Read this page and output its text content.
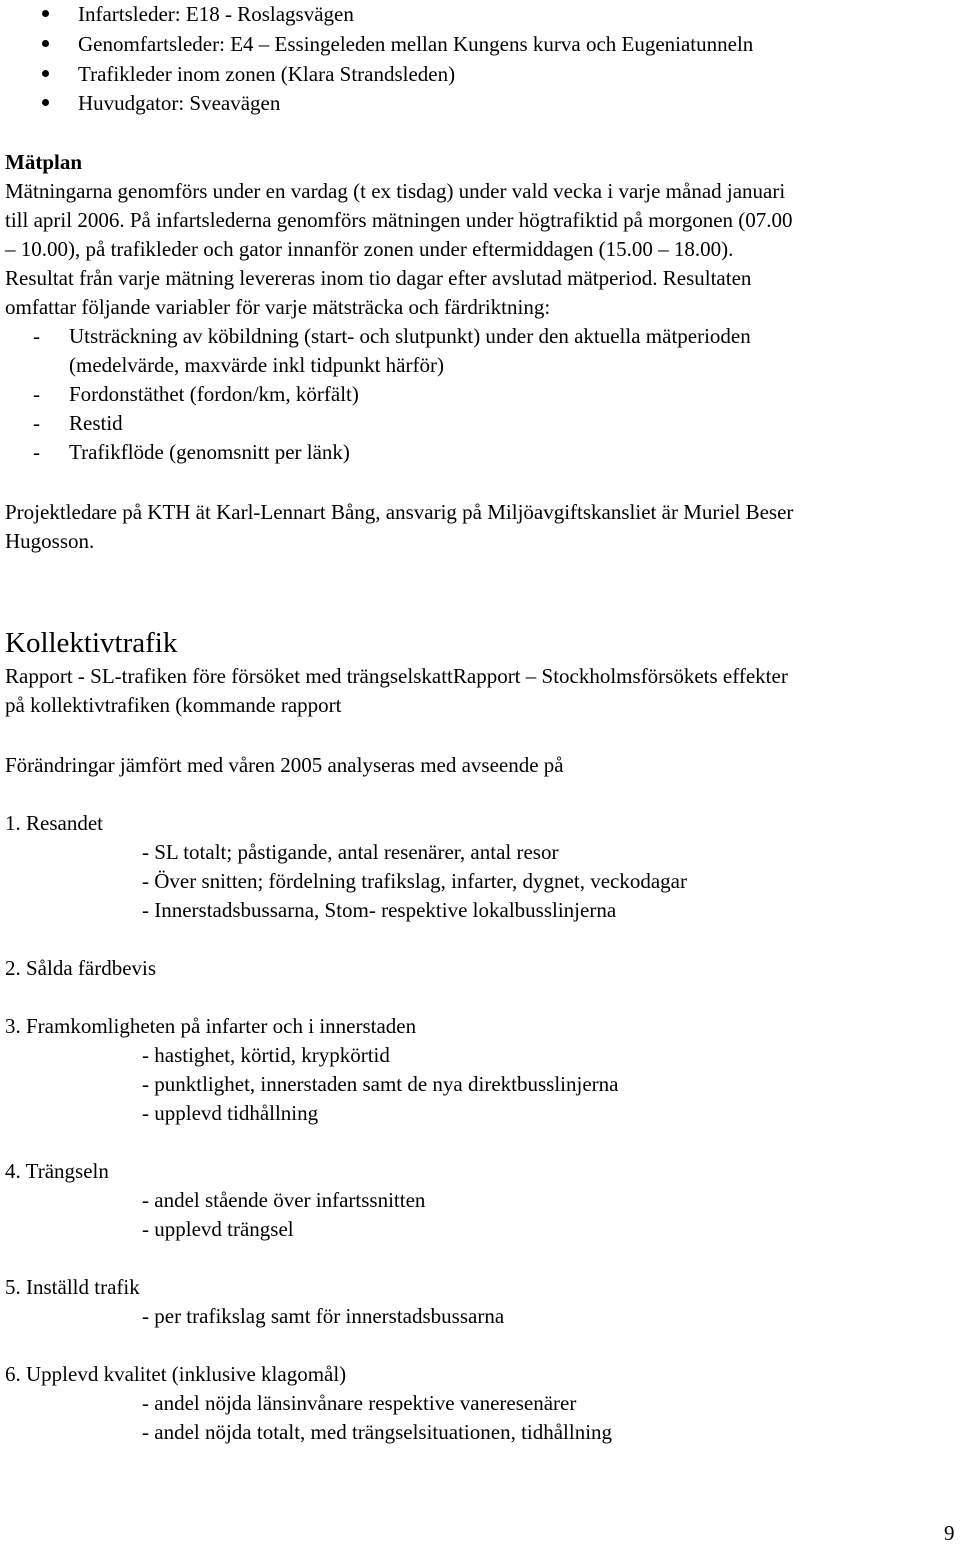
Infartsleder: E18 - Roslagsvägen
Genomfartsleder: E4 – Essingeleden mellan Kungens kurva och Eugeniatunneln
Trafikleder inom zonen (Klara Strandsleden)
Huvudgator: Sveavägen
Mätplan
Mätningarna genomförs under en vardag (t ex tisdag) under vald vecka i varje månad januari
till april 2006. På infartslederna genomförs mätningen under högtrafiktid på morgonen (07.00
– 10.00), på trafikleder och gator innanför zonen under eftermiddagen (15.00 – 18.00).
Resultat från varje mätning levereras inom tio dagar efter avslutad mätperiod. Resultaten
omfattar följande variabler för varje mätsträcka och färdriktning:
- Utsträckning av köbildning (start- och slutpunkt) under den aktuella mätperioden
(medelvärde, maxvärde inkl tidpunkt härför)
- Fordonstäthet (fordon/km, körfält)
- Restid
- Trafikflöde (genomsnitt per länk)
Projektledare på KTH ät Karl-Lennart Bång, ansvarig på Miljöavgiftskansliet är Muriel Beser
Hugosson.
Kollektivtrafik
Rapport - SL-trafiken före försöket med trängselskattRapport – Stockholmsförsökets effekter
på kollektivtrafiken (kommande rapport
Förändringar jämfört med våren 2005 analyseras med avseende på
1. Resandet
- SL totalt; påstigande, antal resenärer, antal resor
- Över snitten; fördelning trafikslag, infarter, dygnet, veckodagar
- Innerstadsbussarna, Stom- respektive lokalbusslinjerna
2. Sålda färdbevis
3. Framkomligheten på infarter och i innerstaden
- hastighet, körtid, krypkörtid
- punktlighet, innerstaden samt de nya direktbusslinjerna
- upplevd tidhållning
4. Trängseln
- andel stående över infartssnitten
- upplevd trängsel
5. Inställd trafik
- per trafikslag samt för innerstadsbussarna
6. Upplevd kvalitet (inklusive klagomål)
- andel nöjda länsinvånare respektive vaneresenärer
- andel nöjda totalt, med trängselsituationen, tidhållning
9
